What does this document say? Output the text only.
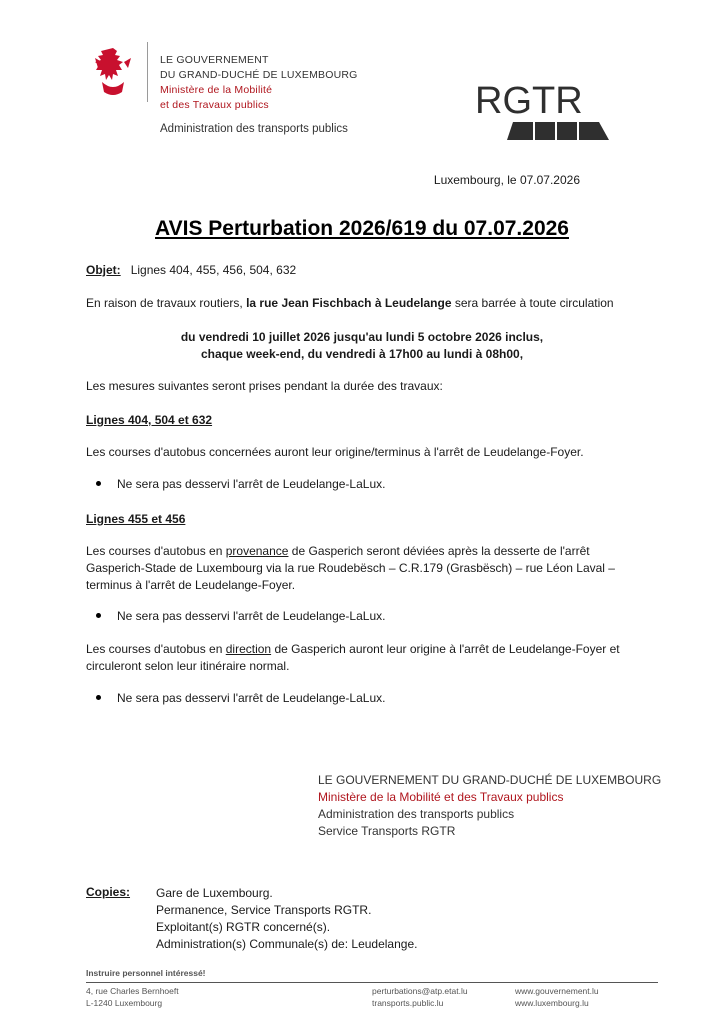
LE GOUVERNEMENT
DU GRAND-DUCHÉ DE LUXEMBOURG
Ministère de la Mobilité
et des Travaux publics
Administration des transports publics
RGTR
Luxembourg, le 07.07.2026
AVIS Perturbation 2026/619 du 07.07.2026
Objet: Lignes 404, 455, 456, 504, 632
En raison de travaux routiers, la rue Jean Fischbach à Leudelange sera barrée à toute circulation
du vendredi 10 juillet 2026 jusqu'au lundi 5 octobre 2026 inclus,
chaque week-end, du vendredi à 17h00 au lundi à 08h00,
Les mesures suivantes seront prises pendant la durée des travaux:
Lignes 404, 504 et 632
Les courses d'autobus concernées auront leur origine/terminus à l'arrêt de Leudelange-Foyer.
Ne sera pas desservi l'arrêt de Leudelange-LaLux.
Lignes 455 et 456
Les courses d'autobus en provenance de Gasperich seront déviées après la desserte de l'arrêt
Gasperich-Stade de Luxembourg via la rue Roudebësch – C.R.179 (Grasbësch) – rue Léon Laval –
terminus à l'arrêt de Leudelange-Foyer.
Ne sera pas desservi l'arrêt de Leudelange-LaLux.
Les courses d'autobus en direction de Gasperich auront leur origine à l'arrêt de Leudelange-Foyer et
circuleront selon leur itinéraire normal.
Ne sera pas desservi l'arrêt de Leudelange-LaLux.
LE GOUVERNEMENT DU GRAND-DUCHÉ DE LUXEMBOURG
Ministère de la Mobilité et des Travaux publics
Administration des transports publics
Service Transports RGTR
Copies: Gare de Luxembourg.
Permanence, Service Transports RGTR.
Exploitant(s) RGTR concerné(s).
Administration(s) Communale(s) de: Leudelange.
Instruire personnel intéressé!
4, rue Charles Bernhoeft
L-1240 Luxembourg
perturbations@atp.etat.lu
transports.public.lu
www.gouvernement.lu
www.luxembourg.lu
